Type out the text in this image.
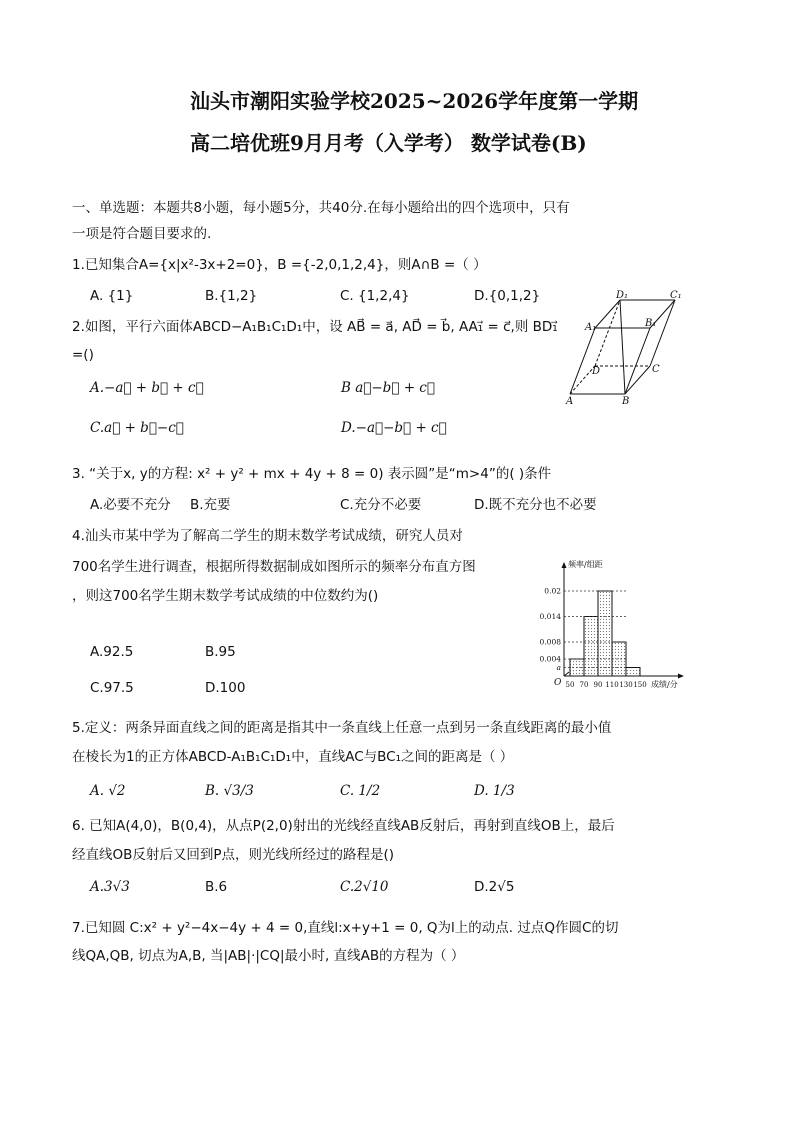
汕头市潮阳实验学校2025~2026学年度第一学期
高二培优班9月月考（入学考） 数学试卷(B)
一、单选题：本题共8小题，每小题5分，共40分.在每小题给出的四个选项中，只有
一项是符合题目要求的.
1.已知集合A={x|x²-3x+2=0}，B ={-2,0,1,2,4}，则A∩B =（ ）
A. {1}	B.{1,2}	C. {1,2,4}	D.{0,1,2}
2.如图，平行六面体ABCD−A₁B₁C₁D₁中，设 AB⃗ = a⃗, AD⃗ = b⃗, AA₁⃗ = c⃗,则 BD₁⃗
=()
A.−a⃗ + b⃗ + c⃗	B a⃗−b⃗ + c⃗
C.a⃗ + b⃗−c⃗	D.−a⃗−b⃗ + c⃗
D₁	C₁
A₁	B₁
D	C
A	B
3. “关于x, y的方程: x² + y² + mx + 4y + 8 = 0) 表示圆”是“m>4”的( )条件
A.必要不充分 B.充要	C.充分不必要	D.既不充分也不必要
4.汕头市某中学为了解高二学生的期末数学考试成绩，研究人员对
700名学生进行调查，根据所得数据制成如图所示的频率分布直方图
，则这700名学生期末数学考试成绩的中位数约为()
A.92.5	B.95
C.97.5	D.100
a
0.004
0.008
0.014
0.02
50 70 90 110 130 150
频率/组距
O	成绩/分
5.定义：两条异面直线之间的距离是指其中一条直线上任意一点到另一条直线距离的最小值
在棱长为1的正方体ABCD-A₁B₁C₁D₁中，直线AC与BC₁之间的距离是（ ）
A. √2	B. √3/3	C. 1/2	D. 1/3
6. 已知A(4,0)，B(0,4)，从点P(2,0)射出的光线经直线AB反射后，再射到直线OB上，最后
经直线OB反射后又回到P点，则光线所经过的路程是()
A.3√3	B.6	C.2√10	D.2√5
7.已知圆 C:x² + y²−4x−4y + 4 = 0,直线l:x+y+1 = 0, Q为l上的动点. 过点Q作圆C的切
线QA,QB, 切点为A,B, 当|AB|·|CQ|最小时, 直线AB的方程为（ ）
